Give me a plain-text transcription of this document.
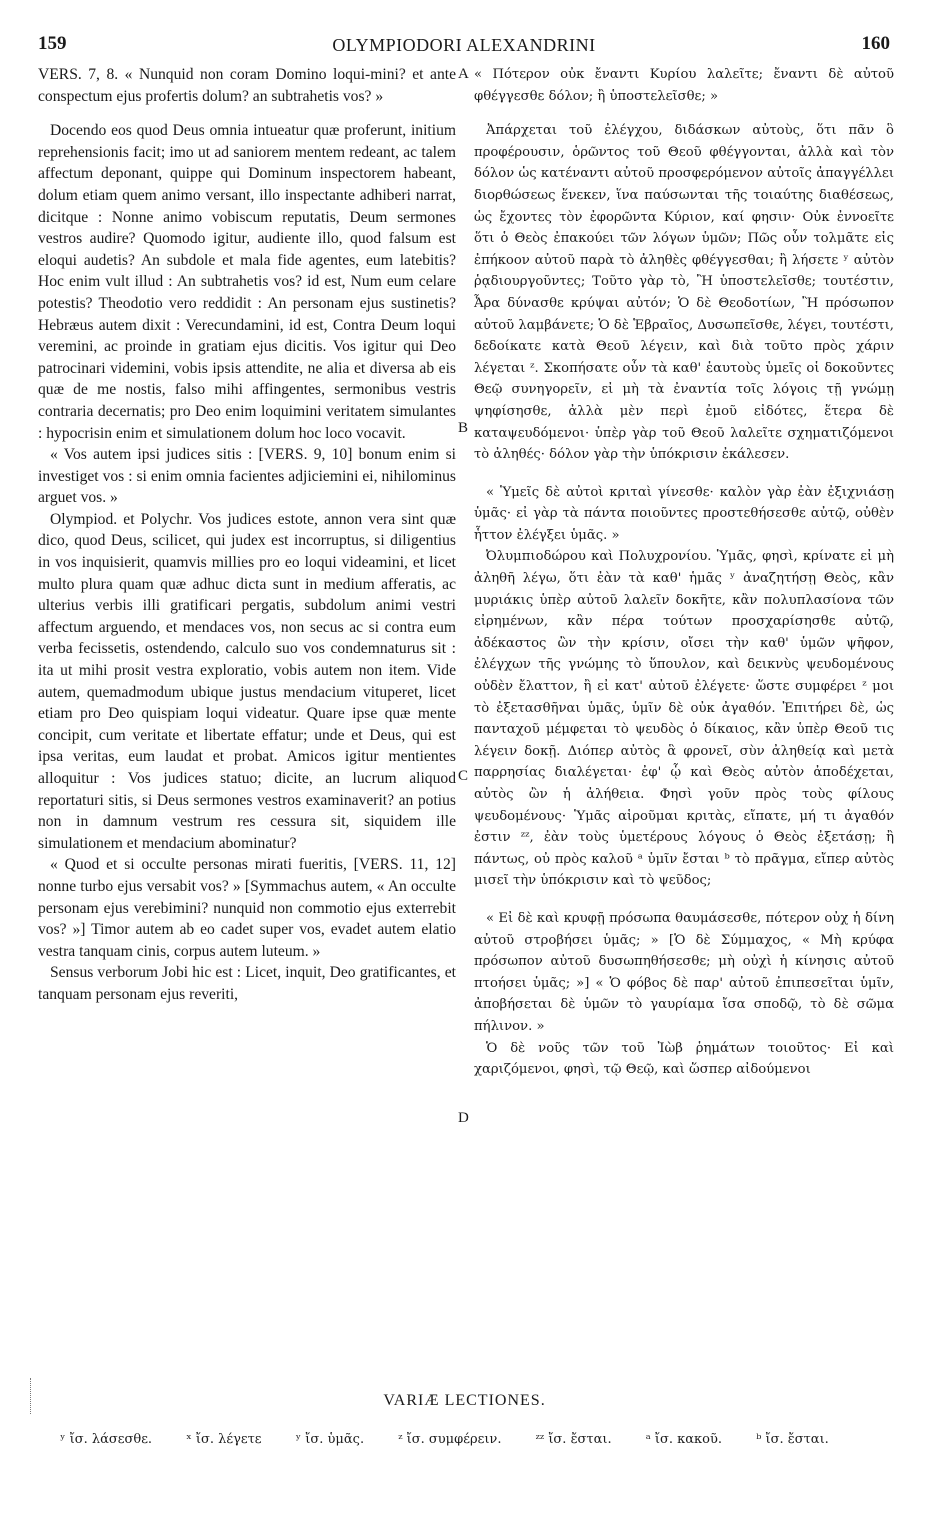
159	OLYMPIODORI ALEXANDRINI	160

VERS. 7, 8. « Nunquid non coram Domino loqui-mini? et ante conspectum ejus profertis dolum? an subtrahetis vos? »

Docendo eos quod Deus omnia intueatur quæ proferunt, initium reprehensionis facit; imo ut ad saniorem mentem redeant, ac talem affectum deponant, quippe qui Dominum inspectorem habeant, dolum etiam quem animo versant, illo inspectante adhiberi narrat, dicitque : Nonne animo vobiscum reputatis, Deum sermones vestros audire? Quomodo igitur, audiente illo, quod falsum est eloqui audetis? An subdole et mala fide agentes, eum latebitis? Hoc enim vult illud : An subtrahetis vos? id est, Num eum celare potestis? Theodotio vero reddidit : An personam ejus sustinetis? Hebræus autem dixit : Verecundamini, id est, Contra Deum loqui veremini, ac proinde in gratiam ejus dicitis. Vos igitur qui Deo patrocinari videmini, vobis ipsis attendite, ne alia et diversa ab eis quæ de me nostis, falso mihi affingentes, sermonibus vestris contraria decernatis; pro Deo enim loquimini veritatem simulantes : hypocrisin enim et simulationem dolum hoc loco vocavit.

« Vos autem ipsi judices sitis : [VERS. 9, 10] bonum enim si investiget vos : si enim omnia facientes adjiciemini ei, nihilominus arguet vos. »

Olympiod. et Polychr. Vos judices estote, annon vera sint quæ dico, quod Deus, scilicet, qui judex est incorruptus, si diligentius in vos inquisierit, quamvis millies pro eo loqui videamini, et licet multo plura quam quæ adhuc dicta sunt in medium afferatis, ac ulterius verbis illi gratificari pergatis, subdolum animi vestri affectum arguendo, et mendaces vos, non secus ac si contra eum verba fecissetis, ostendendo, calculo suo vos condemnaturus sit : ita ut mihi prosit vestra exploratio, vobis autem non item. Vide autem, quemadmodum ubique justus mendacium vituperet, licet etiam pro Deo quispiam loqui videatur. Quare ipse quæ mente concipit, cum veritate et libertate effatur; unde et Deus, qui est ipsa veritas, eum laudat et probat. Amicos igitur mentientes alloquitur : Vos judices statuo; dicite, an lucrum aliquod reportaturi sitis, si Deus sermones vestros examinaverit? an potius non in damnum vestrum res cessura sit, siquidem ille simulationem et mendacium abominatur?

« Quod et si occulte personas mirati fueritis, [VERS. 11, 12] nonne turbo ejus versabit vos? » [Symmachus autem, « An occulte personam ejus verebimini? nunquid non commotio ejus exterrebit vos? »] Timor autem ab eo cadet super vos, evadet autem elatio vestra tanquam cinis, corpus autem luteum. »

Sensus verborum Jobi hic est : Licet, inquit, Deo gratificantes, et tanquam personam ejus reveriti,

« Πότερον οὐκ ἔναντι Κυρίου λαλεῖτε; ἔναντι δὲ αὐτοῦ φθέγγεσθε δόλον; ἢ ὑποστελεῖσθε; »

Ἀπάρχεται τοῦ ἐλέγχου, διδάσκων αὐτοὺς, ὅτι πᾶν ὃ προφέρουσιν, ὁρῶντος τοῦ Θεοῦ φθέγγονται, ἀλλὰ καὶ τὸν δόλον ὡς κατέναντι αὐτοῦ προσφερόμενον αὐτοῖς ἀπαγγέλλει διορθώσεως ἕνεκεν, ἵνα παύσωνται τῆς τοιαύτης διαθέσεως, ὡς ἔχοντες τὸν ἐφορῶντα Κύριον, καί φησιν· Οὐκ ἐννοεῖτε ὅτι ὁ Θεὸς ἐπακούει τῶν λόγων ὑμῶν; Πῶς οὖν τολμᾶτε εἰς ἐπήκοον αὐτοῦ παρὰ τὸ ἀληθὲς φθέγγεσθαι; ἢ λήσετε ʸ αὐτὸν ῥᾳδιουργοῦντες; Τοῦτο γὰρ τὸ, Ἢ ὑποστελεῖσθε; τουτέστιν, Ἆρα δύνασθε κρύψαι αὐτόν; Ὁ δὲ Θεοδοτίων, Ἢ πρόσωπον αὐτοῦ λαμβάνετε; Ὁ δὲ Ἑβραῖος, Δυσωπεῖσθε, λέγει, τουτέστι, δεδοίκατε κατὰ Θεοῦ λέγειν, καὶ διὰ τοῦτο πρὸς χάριν λέγεται ᶻ. Σκοπήσατε οὖν τὰ καθ' ἑαυτοὺς ὑμεῖς οἱ δοκοῦντες Θεῷ συνηγορεῖν, εἰ μὴ τὰ ἐναντία τοῖς λόγοις τῇ γνώμῃ ψηφίσησθε, ἀλλὰ μὲν περὶ ἐμοῦ εἰδότες, ἕτερα δὲ καταψευδόμενοι· ὑπὲρ γὰρ τοῦ Θεοῦ λαλεῖτε σχηματιζόμενοι τὸ ἀληθές· δόλον γὰρ τὴν ὑπόκρισιν ἐκάλεσεν.

« Ὑμεῖς δὲ αὐτοὶ κριταὶ γίνεσθε· καλὸν γὰρ ἐὰν ἐξιχνιάσῃ ὑμᾶς· εἰ γὰρ τὰ πάντα ποιοῦντες προστεθήσεσθε αὐτῷ, οὐθὲν ἧττον ἐλέγξει ὑμᾶς. »

Ὀλυμπιοδώρου καὶ Πολυχρονίου. Ὑμᾶς, φησὶ, κρίνατε εἰ μὴ ἀληθῆ λέγω, ὅτι ἐὰν τὰ καθ' ἡμᾶς ʸ ἀναζητήσῃ Θεὸς, κἂν μυριάκις ὑπὲρ αὐτοῦ λαλεῖν δοκῆτε, κἂν πολυπλασίονα τῶν εἰρημένων, κἂν πέρα τούτων προσχαρίσησθε αὐτῷ, ἀδέκαστος ὢν τὴν κρίσιν, οἴσει τὴν καθ' ὑμῶν ψῆφον, ἐλέγχων τῆς γνώμης τὸ ὕπουλον, καὶ δεικνὺς ψευδομένους οὐδὲν ἔλαττον, ἢ εἰ κατ' αὐτοῦ ἐλέγετε· ὥστε συμφέρει ᶻ μοι τὸ ἐξετασθῆναι ὑμᾶς, ὑμῖν δὲ οὐκ ἀγαθόν. Ἐπιτήρει δὲ, ὡς πανταχοῦ μέμφεται τὸ ψευδὸς ὁ δίκαιος, κἂν ὑπὲρ Θεοῦ τις λέγειν δοκῇ. Διόπερ αὐτὸς ἃ φρονεῖ, σὺν ἀληθείᾳ καὶ μετὰ παρρησίας διαλέγεται· ἐφ' ᾧ καὶ Θεὸς αὐτὸν ἀποδέχεται, αὐτὸς ὢν ἡ ἀλήθεια. Φησὶ γοῦν πρὸς τοὺς φίλους ψευδομένους· Ὑμᾶς αἱροῦμαι κριτὰς, εἴπατε, μή τι ἀγαθόν ἐστιν ᶻᶻ, ἐὰν τοὺς ὑμετέρους λόγους ὁ Θεὸς ἐξετάσῃ; ἢ πάντως, οὐ πρὸς καλοῦ ᵃ ὑμῖν ἔσται ᵇ τὸ πρᾶγμα, εἴπερ αὐτὸς μισεῖ τὴν ὑπόκρισιν καὶ τὸ ψεῦδος;

« Εἰ δὲ καὶ κρυφῇ πρόσωπα θαυμάσεσθε, πότερον οὐχ ἡ δίνη αὐτοῦ στροβήσει ὑμᾶς; » [Ὁ δὲ Σύμμαχος, « Μὴ κρύφα πρόσωπον αὐτοῦ δυσωπηθήσεσθε; μὴ οὐχὶ ἡ κίνησις αὐτοῦ πτοήσει ὑμᾶς; »] « Ὁ φόβος δὲ παρ' αὐτοῦ ἐπιπεσεῖται ὑμῖν, ἀποβήσεται δὲ ὑμῶν τὸ γαυρίαμα ἴσα σποδῷ, τὸ δὲ σῶμα πήλινον. »

Ὁ δὲ νοῦς τῶν τοῦ Ἰὼβ ῥημάτων τοιοῦτος· Εἰ καὶ χαριζόμενοι, φησὶ, τῷ Θεῷ, καὶ ὥσπερ αἰδούμενοι

A
B
C
D
VARIÆ LECTIONES.
ʸ ἴσ. λάσεσθε.	ˣ ἴσ. λέγετε	ʸ ἴσ. ὑμᾶς.	ᶻ ἴσ. συμφέρειν.	ᶻᶻ ἴσ. ἔσται.	ᵃ ἴσ. κακοῦ.	ᵇ ἴσ. ἔσται.
